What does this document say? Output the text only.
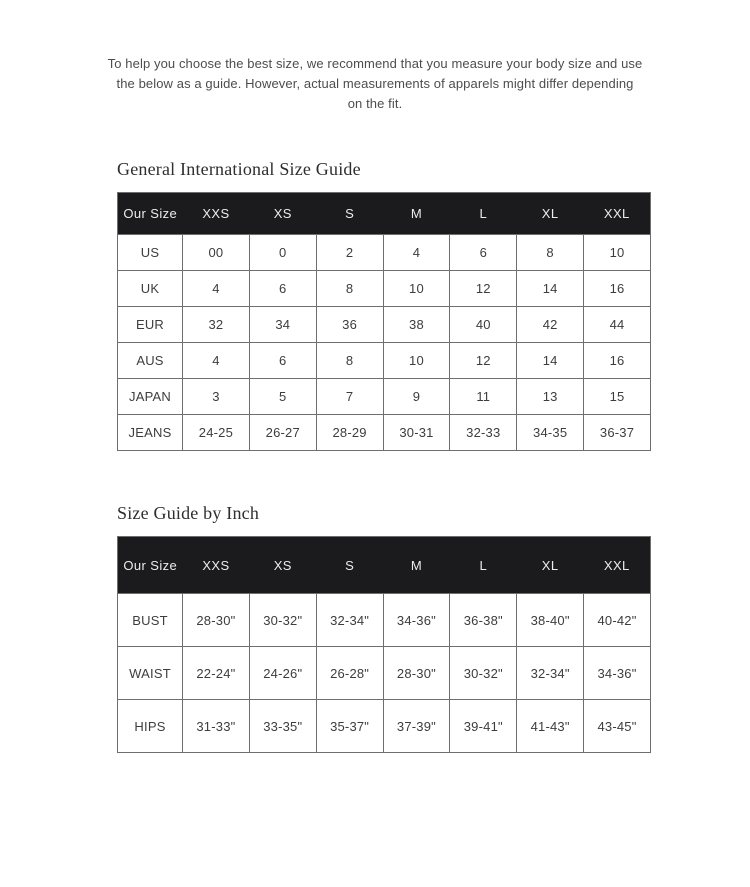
To help you choose the best size, we recommend that you measure your body size and use the below as a guide. However, actual measurements of apparels might differ depending on the fit.

General International Size Guide
Our Size	XXS	XS	S	M	L	XL	XXL
US	00	0	2	4	6	8	10
UK	4	6	8	10	12	14	16
EUR	32	34	36	38	40	42	44
AUS	4	6	8	10	12	14	16
JAPAN	3	5	7	9	11	13	15
JEANS	24-25	26-27	28-29	30-31	32-33	34-35	36-37
Size Guide by Inch
Our Size	XXS	XS	S	M	L	XL	XXL
BUST	28-30"	30-32"	32-34"	34-36"	36-38"	38-40"	40-42"
WAIST	22-24"	24-26"	26-28"	28-30"	30-32"	32-34"	34-36"
HIPS	31-33"	33-35"	35-37"	37-39"	39-41"	41-43"	43-45"
